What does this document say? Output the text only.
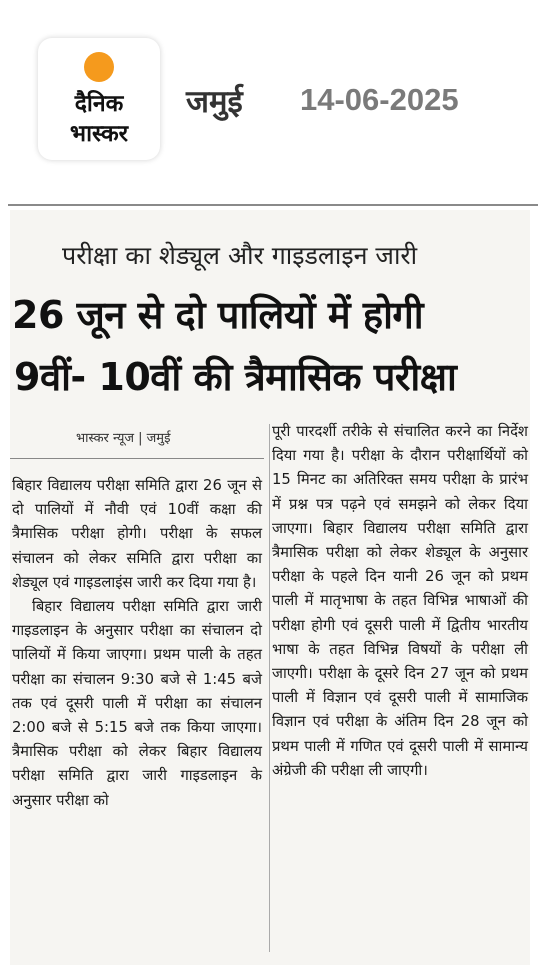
दैनिक
भास्कर
जमुई 14-06-2025
परीक्षा का शेड्यूल और गाइडलाइन जारी
26 जून से दो पालियों में होगी
9वीं- 10वीं की त्रैमासिक परीक्षा
भास्कर न्यूज | जमुई

बिहार विद्यालय परीक्षा समिति द्वारा 26 जून से दो पालियों में नौवी एवं 10वीं कक्षा की त्रैमासिक परीक्षा होगी। परीक्षा के सफल संचालन को लेकर समिति द्वारा परीक्षा का शेड्यूल एवं गाइडलाइंस जारी कर दिया गया है।

बिहार विद्यालय परीक्षा समिति द्वारा जारी गाइडलाइन के अनुसार परीक्षा का संचालन दो पालियों में किया जाएगा। प्रथम पाली के तहत परीक्षा का संचालन 9:30 बजे से 1:45 बजे तक एवं दूसरी पाली में परीक्षा का संचालन 2:00 बजे से 5:15 बजे तक किया जाएगा। त्रैमासिक परीक्षा को लेकर बिहार विद्यालय परीक्षा समिति द्वारा जारी गाइडलाइन के अनुसार परीक्षा को

पूरी पारदर्शी तरीके से संचालित करने का निर्देश दिया गया है। परीक्षा के दौरान परीक्षार्थियों को 15 मिनट का अतिरिक्त समय परीक्षा के प्रारंभ में प्रश्न पत्र पढ़ने एवं समझने को लेकर दिया जाएगा। बिहार विद्यालय परीक्षा समिति द्वारा त्रैमासिक परीक्षा को लेकर शेड्यूल के अनुसार परीक्षा के पहले दिन यानी 26 जून को प्रथम पाली में मातृभाषा के तहत विभिन्न भाषाओं की परीक्षा होगी एवं दूसरी पाली में द्वितीय भारतीय भाषा के तहत विभिन्न विषयों के परीक्षा ली जाएगी। परीक्षा के दूसरे दिन 27 जून को प्रथम पाली में विज्ञान एवं दूसरी पाली में सामाजिक विज्ञान एवं परीक्षा के अंतिम दिन 28 जून को प्रथम पाली में गणित एवं दूसरी पाली में सामान्य अंग्रेजी की परीक्षा ली जाएगी।
